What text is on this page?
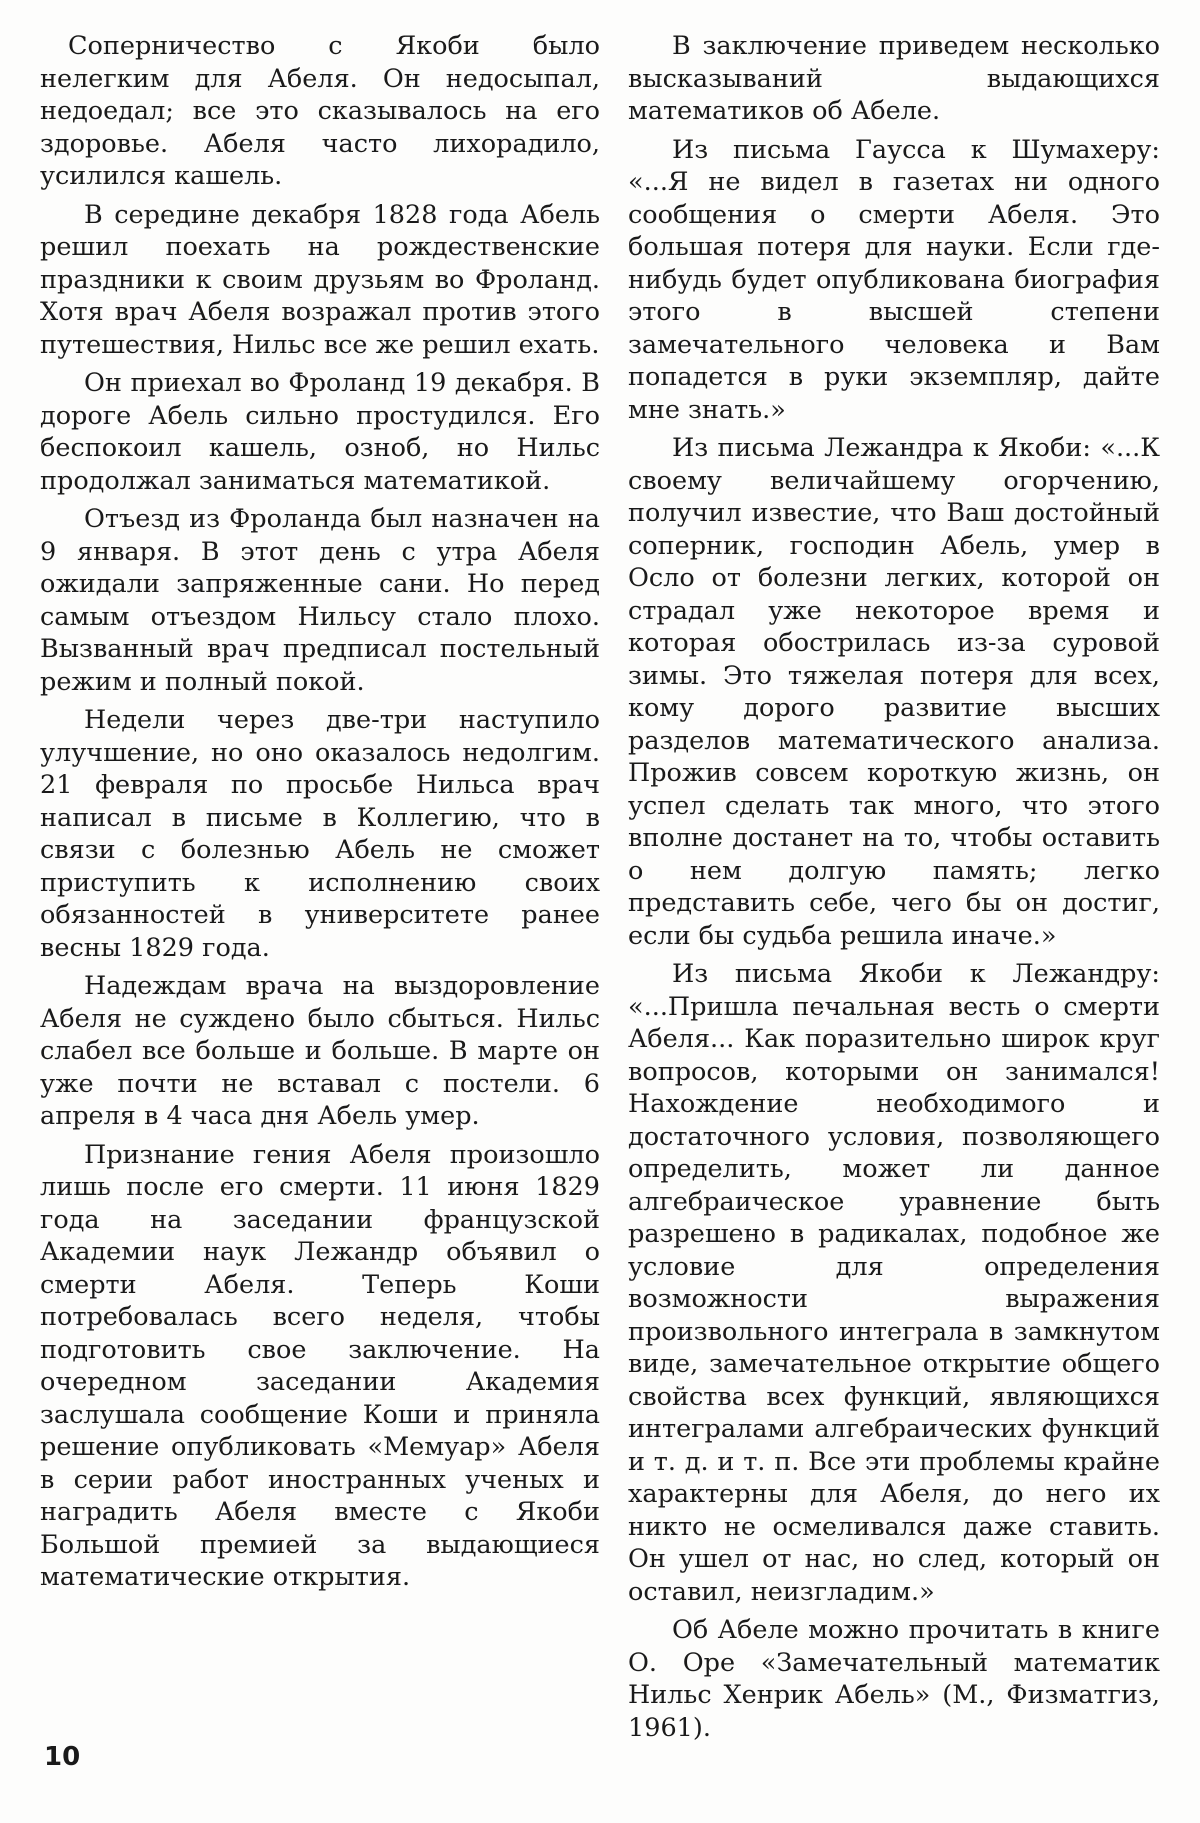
Соперничество с Якоби было нелегким для Абеля. Он недосыпал, недоедал; все это сказывалось на его здоровье. Абеля часто лихорадило, усилился кашель.

В середине декабря 1828 года Абель решил поехать на рождественские праздники к своим друзьям во Фроланд. Хотя врач Абеля возражал против этого путешествия, Нильс все же решил ехать.

Он приехал во Фроланд 19 декабря. В дороге Абель сильно простудился. Его беспокоил кашель, озноб, но Нильс продолжал заниматься математикой.

Отъезд из Фроланда был назначен на 9 января. В этот день с утра Абеля ожидали запряженные сани. Но перед самым отъездом Нильсу стало плохо. Вызванный врач предписал постельный режим и полный покой.

Недели через две-три наступило улучшение, но оно оказалось недолгим. 21 февраля по просьбе Нильса врач написал в письме в Коллегию, что в связи с болезнью Абель не сможет приступить к исполнению своих обязанностей в университете ранее весны 1829 года.

Надеждам врача на выздоровление Абеля не суждено было сбыться. Нильс слабел все больше и больше. В марте он уже почти не вставал с постели. 6 апреля в 4 часа дня Абель умер.

Признание гения Абеля произошло лишь после его смерти. 11 июня 1829 года на заседании французской Академии наук Лежандр объявил о смерти Абеля. Теперь Коши потребовалась всего неделя, чтобы подготовить свое заключение. На очередном заседании Академия заслушала сообщение Коши и приняла решение опубликовать «Мемуар» Абеля в серии работ иностранных ученых и наградить Абеля вместе с Якоби Большой премией за выдающиеся математические открытия.

В заключение приведем несколько высказываний выдающихся математиков об Абеле.

Из письма Гаусса к Шумахеру: «...Я не видел в газетах ни одного сообщения о смерти Абеля. Это большая потеря для науки. Если где-нибудь будет опубликована биография этого в высшей степени замечательного человека и Вам попадется в руки экземпляр, дайте мне знать.»

Из письма Лежандра к Якоби: «...К своему величайшему огорчению, получил известие, что Ваш достойный соперник, господин Абель, умер в Осло от болезни легких, которой он страдал уже некоторое время и которая обострилась из-за суровой зимы. Это тяжелая потеря для всех, кому дорого развитие высших разделов математического анализа. Прожив совсем короткую жизнь, он успел сделать так много, что этого вполне достанет на то, чтобы оставить о нем долгую память; легко представить себе, чего бы он достиг, если бы судьба решила иначе.»

Из письма Якоби к Лежандру: «...Пришла печальная весть о смерти Абеля... Как поразительно широк круг вопросов, которыми он занимался! Нахождение необходимого и достаточного условия, позволяющего определить, может ли данное алгебраическое уравнение быть разрешено в радикалах, подобное же условие для определения возможности выражения произвольного интеграла в замкнутом виде, замечательное открытие общего свойства всех функций, являющихся интегралами алгебраических функций и т. д. и т. п. Все эти проблемы крайне характерны для Абеля, до него их никто не осмеливался даже ставить. Он ушел от нас, но след, который он оставил, неизгладим.»

Об Абеле можно прочитать в книге О. Оре «Замечательный математик Нильс Хенрик Абель» (М., Физматгиз, 1961).

10
